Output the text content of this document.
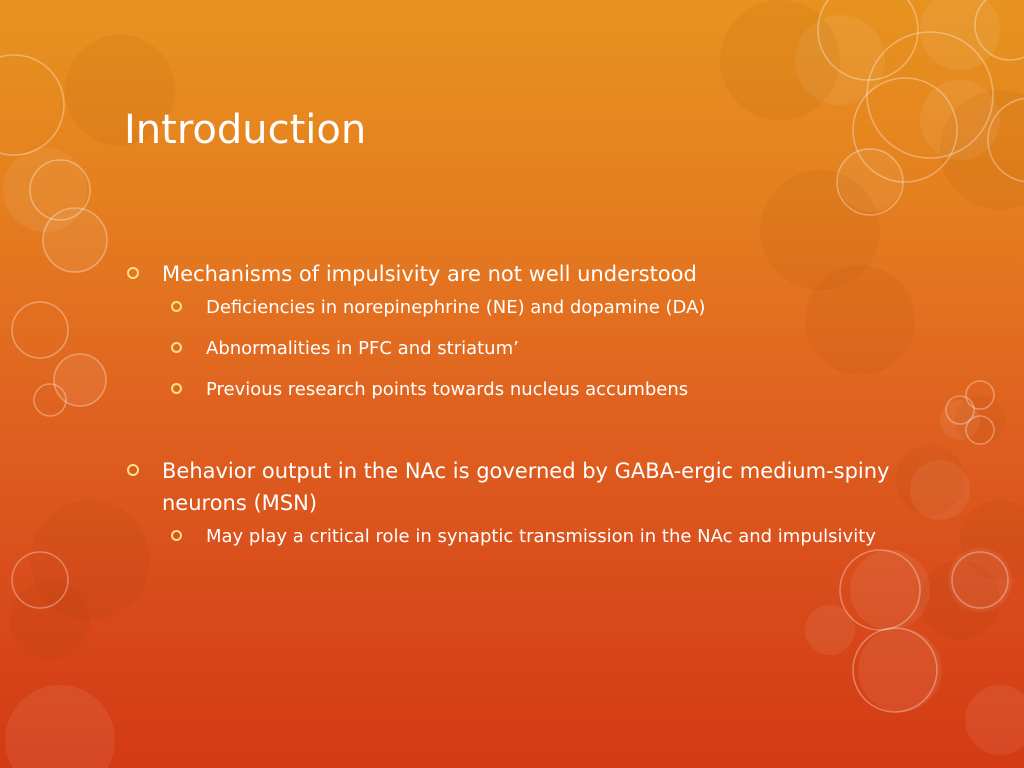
Introduction
Mechanisms of impulsivity are not well understood
Deficiencies in norepinephrine (NE) and dopamine (DA)
Abnormalities in PFC and striatum’
Previous research points towards nucleus accumbens
Behavior output in the NAc is governed by GABA-ergic medium-spiny neurons (MSN)
May play a critical role in synaptic transmission in the NAc and impulsivity
